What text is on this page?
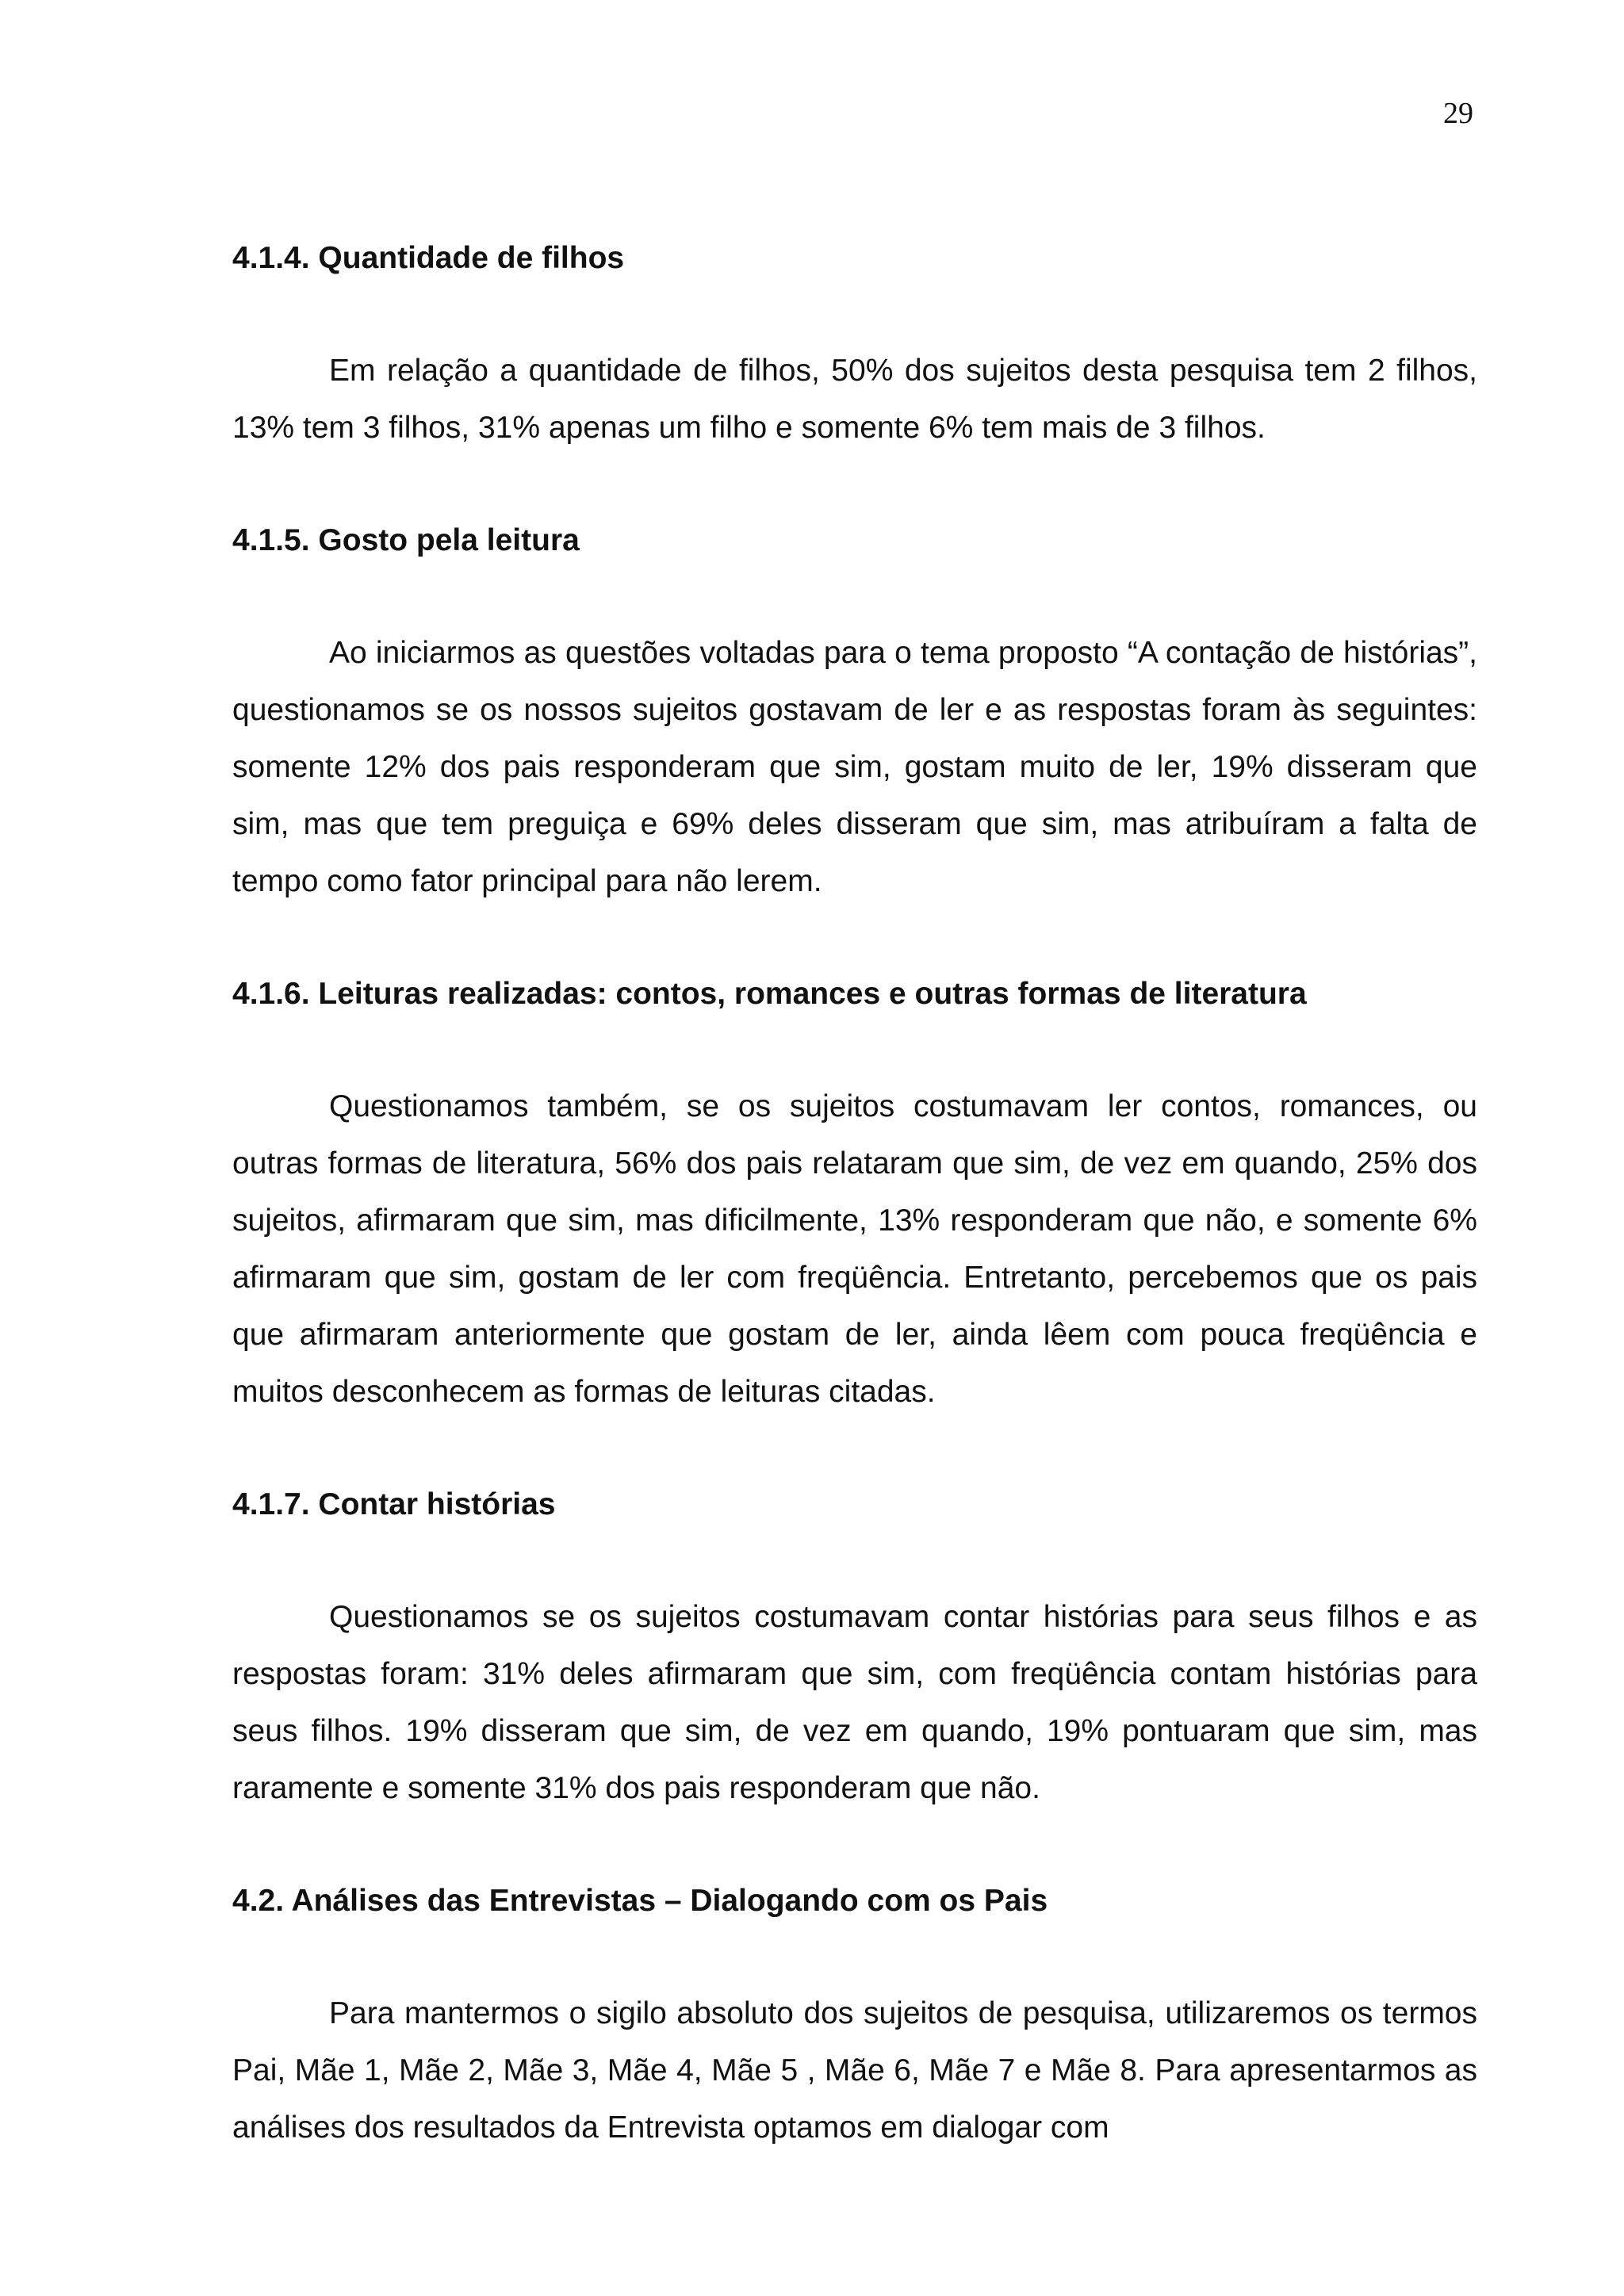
29
4.1.4. Quantidade de filhos

Em relação a quantidade de filhos, 50% dos sujeitos desta pesquisa tem 2 filhos, 13% tem 3 filhos, 31% apenas um filho e somente 6% tem mais de 3 filhos.

4.1.5. Gosto pela leitura

Ao iniciarmos as questões voltadas para o tema proposto “A contação de histórias”, questionamos se os nossos sujeitos gostavam de ler e as respostas foram às seguintes: somente 12% dos pais responderam que sim, gostam muito de ler, 19% disseram que sim, mas que tem preguiça e 69% deles disseram que sim, mas atribuíram a falta de tempo como fator principal para não lerem.

4.1.6. Leituras realizadas: contos, romances e outras formas de literatura

Questionamos também, se os sujeitos costumavam ler contos, romances, ou outras formas de literatura, 56% dos pais relataram que sim, de vez em quando, 25% dos sujeitos, afirmaram que sim, mas dificilmente, 13% responderam que não, e somente 6% afirmaram que sim, gostam de ler com freqüência. Entretanto, percebemos que os pais que afirmaram anteriormente que gostam de ler, ainda lêem com pouca freqüência e muitos desconhecem as formas de leituras citadas.

4.1.7. Contar histórias

Questionamos se os sujeitos costumavam contar histórias para seus filhos e as respostas foram: 31% deles afirmaram que sim, com freqüência contam histórias para seus filhos. 19% disseram que sim, de vez em quando, 19% pontuaram que sim, mas raramente e somente 31% dos pais responderam que não.

4.2. Análises das Entrevistas – Dialogando com os Pais

Para mantermos o sigilo absoluto dos sujeitos de pesquisa, utilizaremos os termos Pai, Mãe 1, Mãe 2, Mãe 3, Mãe 4, Mãe 5 , Mãe 6, Mãe 7 e Mãe 8. Para apresentarmos as análises dos resultados da Entrevista optamos em dialogar com
